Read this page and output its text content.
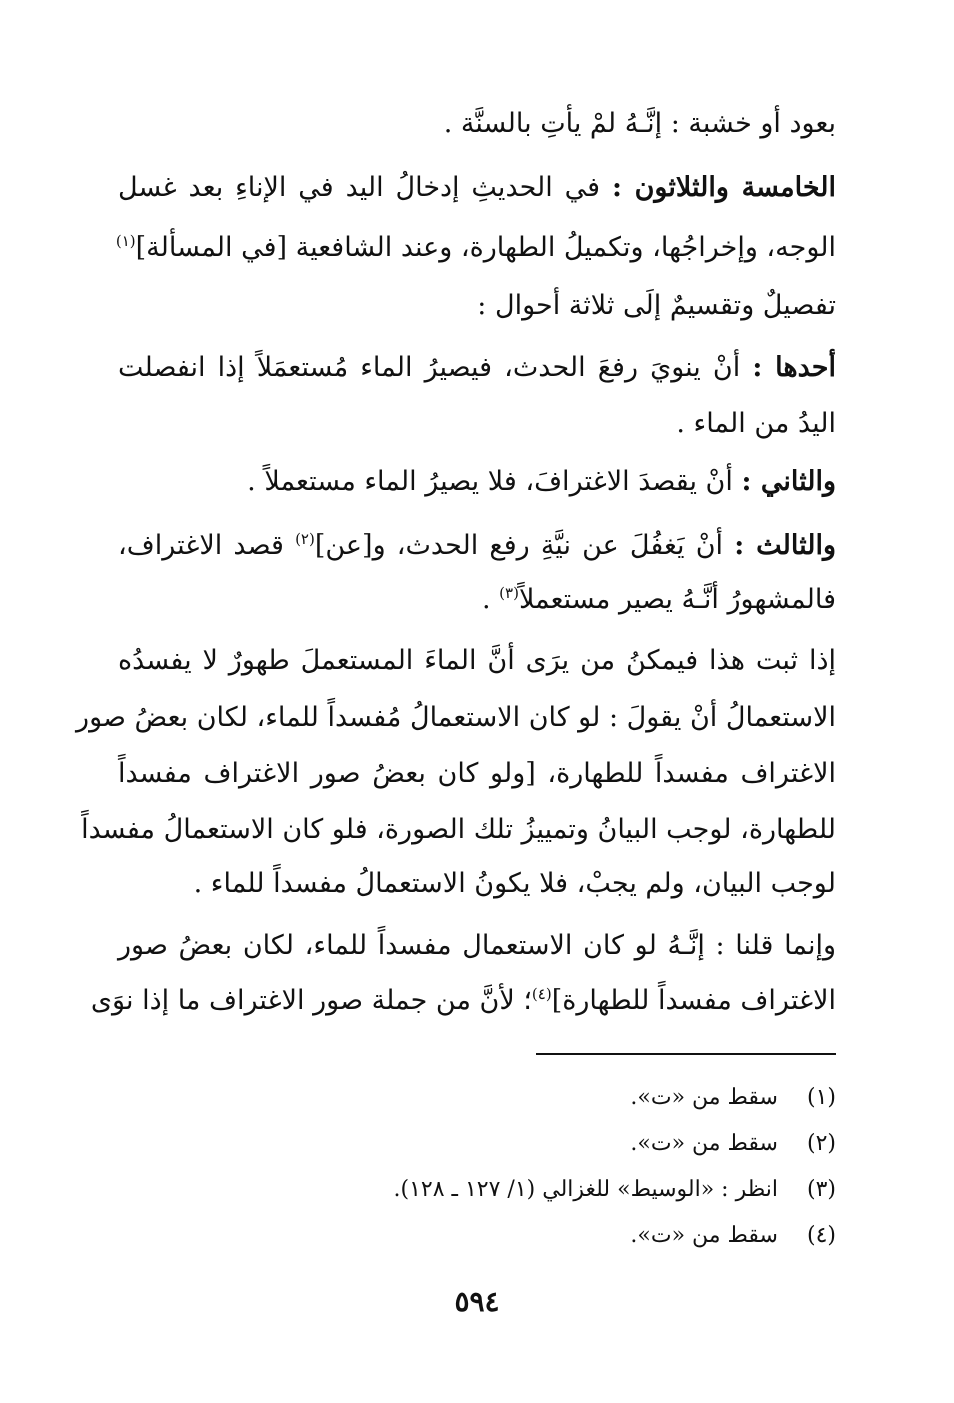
بعود أو خشبة : إنَّـهُ لمْ يأتِ بالسنَّة .

الخامسة والثلاثون : في الحديثِ إدخالُ اليد في الإناءِ بعد غسل

الوجه، وإخراجُها، وتكميلُ الطهارة، وعند الشافعية [في المسألة]$^{(١)}$

تفصيلٌ وتقسيمٌ إلَى ثلاثة أحوال :

أحدها : أنْ ينويَ رفعَ الحدث، فيصيرُ الماء مُستعمَلاً إذا انفصلت

اليدُ من الماء .

والثاني : أنْ يقصدَ الاغترافَ، فلا يصيرُ الماء مستعملاً .

والثالث : أنْ يَغفُلَ عن نيَّةِ رفع الحدث، و[عن]$^{(٢)}$ قصد الاغتراف،

فالمشهورُ أنَّـهُ يصير مستعملاً$^{(٣)}$ .

إذا ثبت هذا فيمكنُ من يرَى أنَّ الماءَ المستعملَ طهورٌ لا يفسدُه

الاستعمالُ أنْ يقولَ : لو كان الاستعمالُ مُفسداً للماء، لكان بعضُ صور

الاغتراف مفسداً للطهارة، [ولو كان بعضُ صور الاغتراف مفسداً

للطهارة، لوجب البيانُ وتمييزُ تلك الصورة، فلو كان الاستعمالُ مفسداً

لوجب البيان، ولم يجبْ، فلا يكونُ الاستعمالُ مفسداً للماء .

وإنما قلنا : إنَّـهُ لو كان الاستعمال مفسداً للماء، لكان بعضُ صور

الاغتراف مفسداً للطهارة]$^{(٤)}$؛ لأنَّ من جملة صور الاغتراف ما إذا نوَى

(١)سقط من «ت».
(٢)سقط من «ت».
(٣)انظر : «الوسيط» للغزالي (١/ ١٢٧ ـ ١٢٨).
(٤)سقط من «ت».
٥٩٤
